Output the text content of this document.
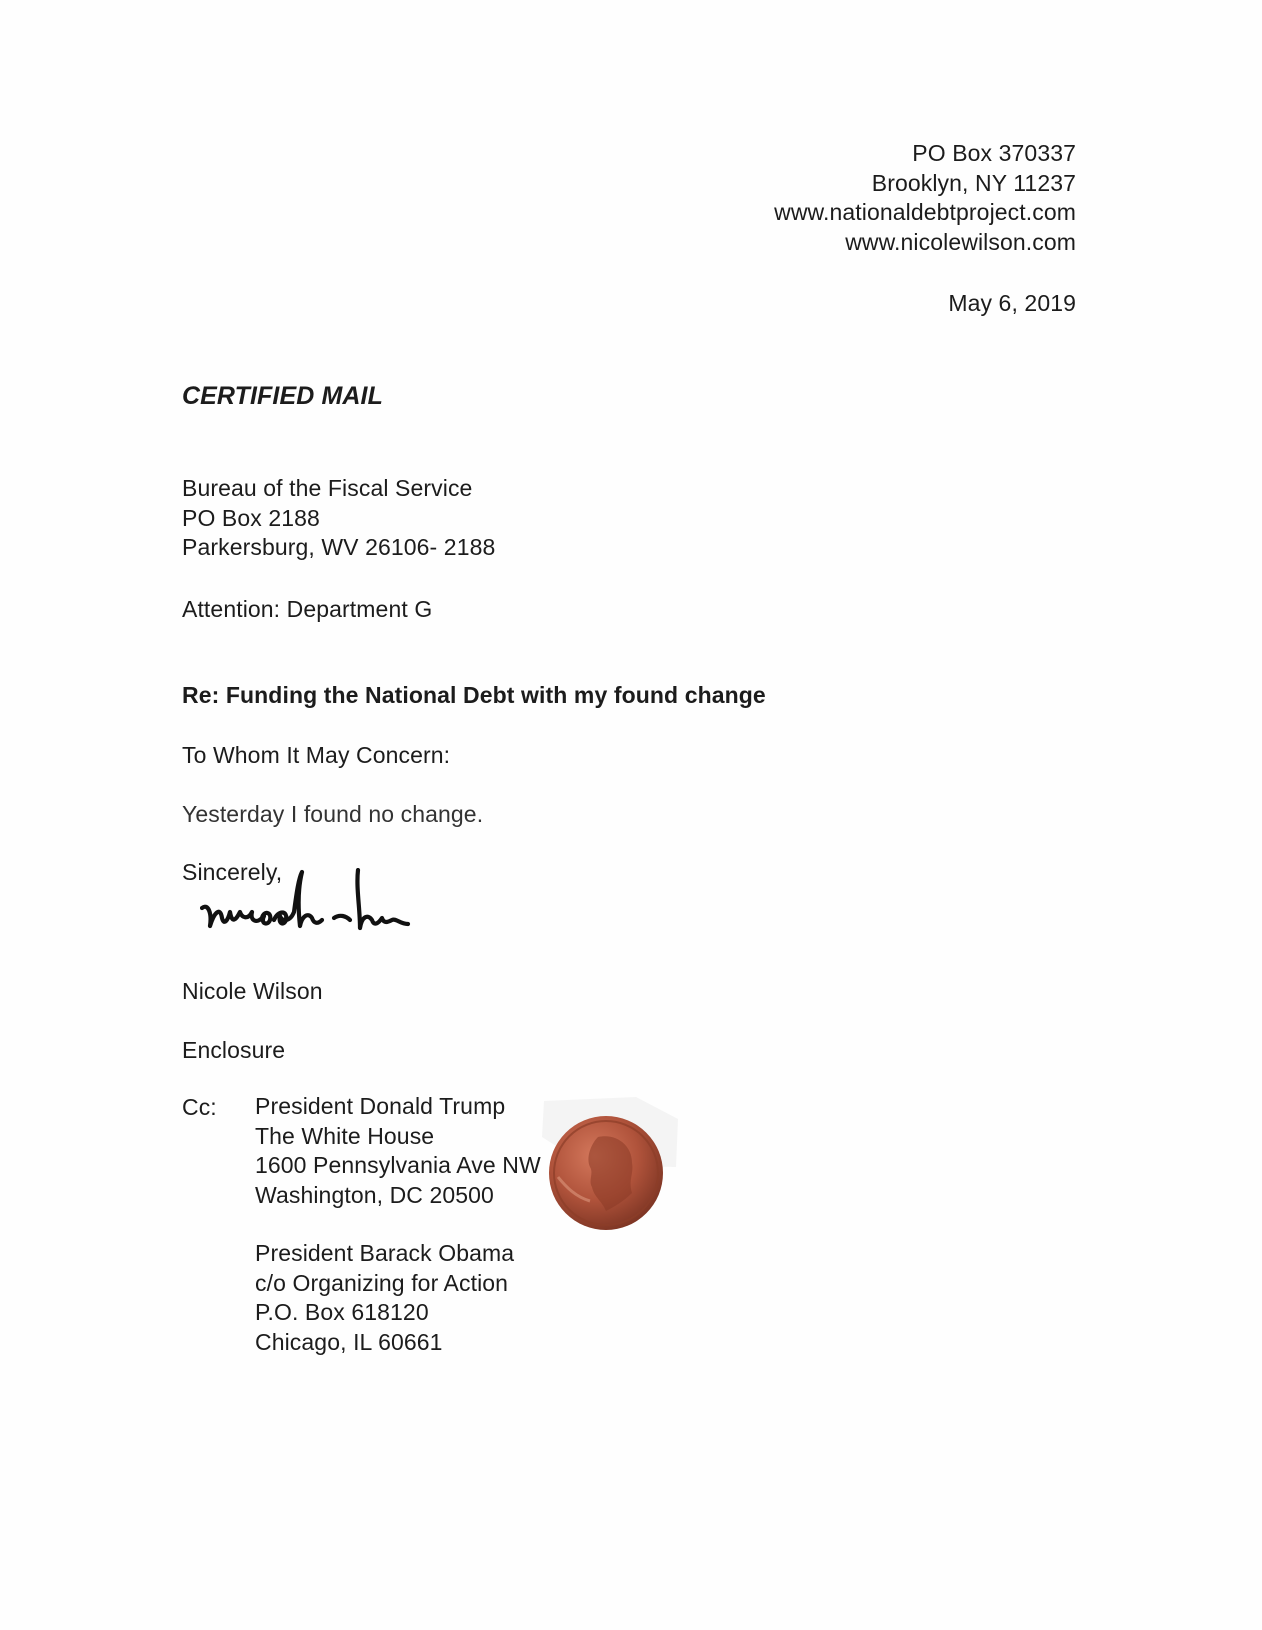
PO Box 370337
Brooklyn, NY 11237
www.nationaldebtproject.com
www.nicolewilson.com
May 6, 2019
CERTIFIED MAIL
Bureau of the Fiscal Service
PO Box 2188
Parkersburg, WV 26106- 2188
Attention: Department G
Re: Funding the National Debt with my found change
To Whom It May Concern:
Yesterday I found no change.
Sincerely,
Nicole Wilson
Enclosure
Cc: President Donald Trump
The White House
1600 Pennsylvania Ave NW
Washington, DC 20500
President Barack Obama
c/o Organizing for Action
P.O. Box 618120
Chicago, IL 60661
